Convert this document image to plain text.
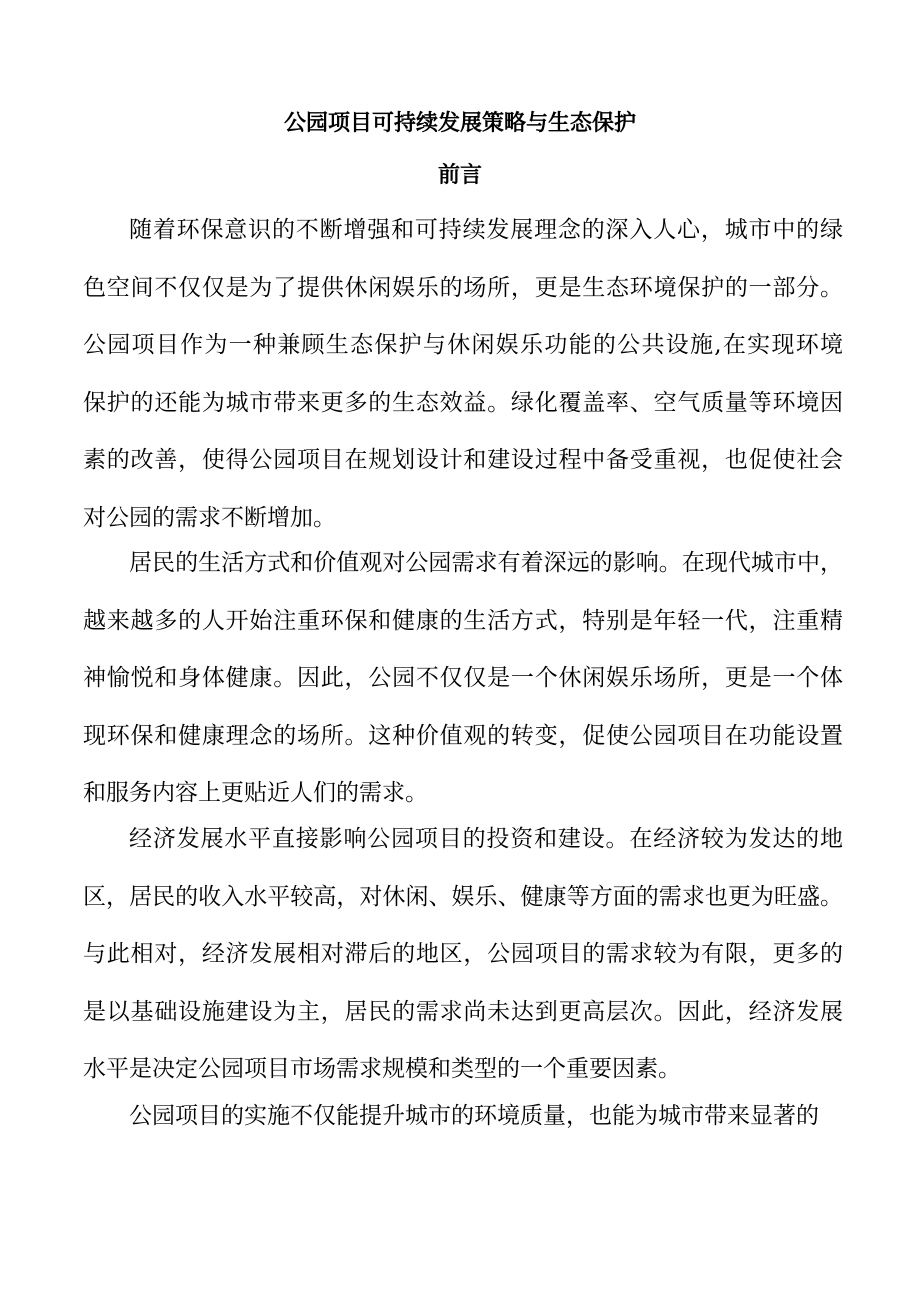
公园项目可持续发展策略与生态保护
前言
随着环保意识的不断增强和可持续发展理念的深入人心，城市中的绿
色空间不仅仅是为了提供休闲娱乐的场所，更是生态环境保护的一部分。
公园项目作为一种兼顾生态保护与休闲娱乐功能的公共设施,在实现环境
保护的还能为城市带来更多的生态效益。绿化覆盖率、空气质量等环境因
素的改善，使得公园项目在规划设计和建设过程中备受重视，也促使社会
对公园的需求不断增加。
居民的生活方式和价值观对公园需求有着深远的影响。在现代城市中，
越来越多的人开始注重环保和健康的生活方式，特别是年轻一代，注重精
神愉悦和身体健康。因此，公园不仅仅是一个休闲娱乐场所，更是一个体
现环保和健康理念的场所。这种价值观的转变，促使公园项目在功能设置
和服务内容上更贴近人们的需求。
经济发展水平直接影响公园项目的投资和建设。在经济较为发达的地
区，居民的收入水平较高，对休闲、娱乐、健康等方面的需求也更为旺盛。
与此相对，经济发展相对滞后的地区，公园项目的需求较为有限，更多的
是以基础设施建设为主，居民的需求尚未达到更高层次。因此，经济发展
水平是决定公园项目市场需求规模和类型的一个重要因素。
公园项目的实施不仅能提升城市的环境质量，也能为城市带来显著的
